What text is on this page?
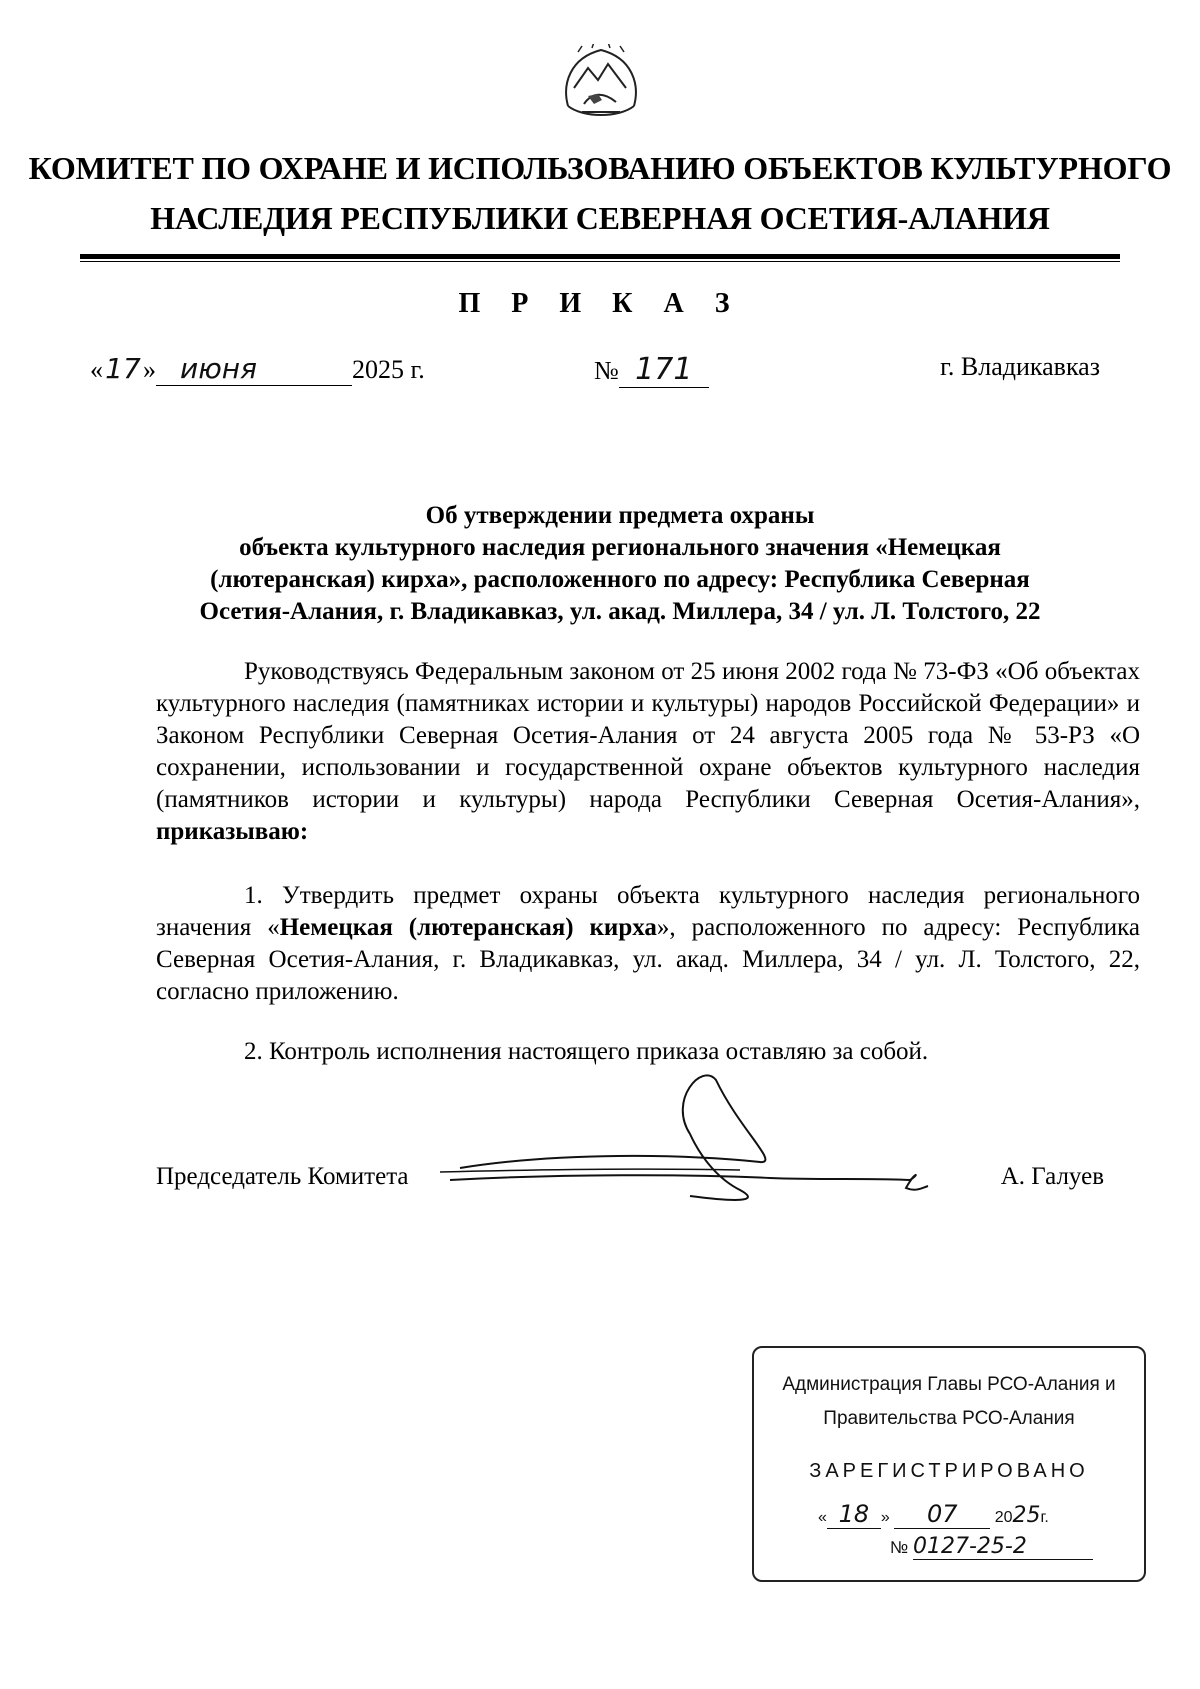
КОМИТЕТ ПО ОХРАНЕ И ИСПОЛЬЗОВАНИЮ ОБЪЕКТОВ КУЛЬТУРНОГО
НАСЛЕДИЯ РЕСПУБЛИКИ СЕВЕРНАЯ ОСЕТИЯ-АЛАНИЯ
П Р И К А З
«17» июня	2025 г.	№ 171	г. Владикавказ
Об утверждении предмета охраны
объекта культурного наследия регионального значения «Немецкая
(лютеранская) кирха», расположенного по адресу: Республика Северная
Осетия-Алания, г. Владикавказ, ул. акад. Миллера, 34 / ул. Л. Толстого, 22
Руководствуясь Федеральным законом от 25 июня 2002 года № 73-ФЗ «Об объектах культурного наследия (памятниках истории и культуры) народов Российской Федерации» и Законом Республики Северная Осетия-Алания от 24 августа 2005 года № 53-РЗ «О сохранении, использовании и государственной охране объектов культурного наследия (памятников истории и культуры) народа Республики Северная Осетия-Алания», приказываю:
1. Утвердить предмет охраны объекта культурного наследия регионального значения «Немецкая (лютеранская) кирха», расположенного по адресу: Республика Северная Осетия-Алания, г. Владикавказ, ул. акад. Миллера, 34 / ул. Л. Толстого, 22, согласно приложению.
2. Контроль исполнения настоящего приказа оставляю за собой.
Председатель Комитета	А. Галуев
Администрация Главы РСО-Алания и
Правительства РСО-Алания
ЗАРЕГИСТРИРОВАНО
« 18 » 07 2025г.
№ 0127-25-2
